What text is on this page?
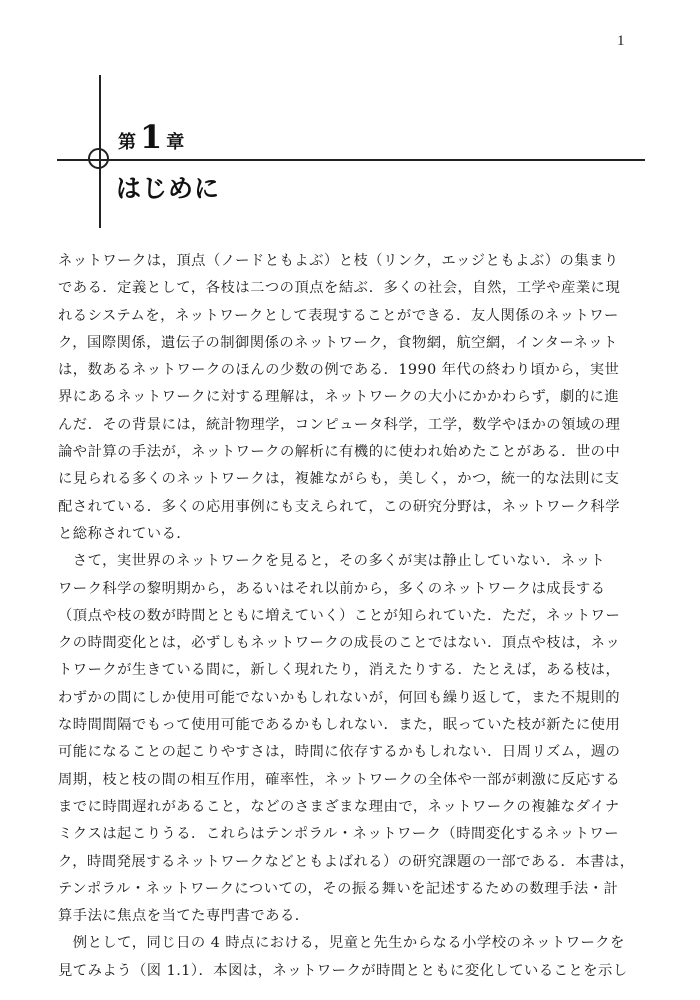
1
第 1 章
はじめに
ネットワークは，頂点（ノードともよぶ）と枝（リンク，エッジともよぶ）の集まり
である．定義として，各枝は二つの頂点を結ぶ．多くの社会，自然，工学や産業に現
れるシステムを，ネットワークとして表現することができる．友人関係のネットワー
ク，国際関係，遺伝子の制御関係のネットワーク，食物網，航空網，インターネット
は，数あるネットワークのほんの少数の例である．1990 年代の終わり頃から，実世
界にあるネットワークに対する理解は，ネットワークの大小にかかわらず，劇的に進
んだ．その背景には，統計物理学，コンピュータ科学，工学，数学やほかの領域の理
論や計算の手法が，ネットワークの解析に有機的に使われ始めたことがある．世の中
に見られる多くのネットワークは，複雑ながらも，美しく，かつ，統一的な法則に支
配されている．多くの応用事例にも支えられて，この研究分野は，ネットワーク科学
と総称されている．
　さて，実世界のネットワークを見ると，その多くが実は静止していない．ネット
ワーク科学の黎明期から，あるいはそれ以前から，多くのネットワークは成長する
（頂点や枝の数が時間とともに増えていく）ことが知られていた．ただ，ネットワー
クの時間変化とは，必ずしもネットワークの成長のことではない．頂点や枝は，ネッ
トワークが生きている間に，新しく現れたり，消えたりする．たとえば，ある枝は，
わずかの間にしか使用可能でないかもしれないが，何回も繰り返して，また不規則的
な時間間隔でもって使用可能であるかもしれない．また，眠っていた枝が新たに使用
可能になることの起こりやすさは，時間に依存するかもしれない．日周リズム，週の
周期，枝と枝の間の相互作用，確率性，ネットワークの全体や一部が刺激に反応する
までに時間遅れがあること，などのさまざまな理由で，ネットワークの複雑なダイナ
ミクスは起こりうる．これらはテンポラル・ネットワーク（時間変化するネットワー
ク，時間発展するネットワークなどともよばれる）の研究課題の一部である．本書は，
テンポラル・ネットワークについての，その振る舞いを記述するための数理手法・計
算手法に焦点を当てた専門書である．
　例として，同じ日の 4 時点における，児童と先生からなる小学校のネットワークを
見てみよう（図 1.1）．本図は，ネットワークが時間とともに変化していることを示し
